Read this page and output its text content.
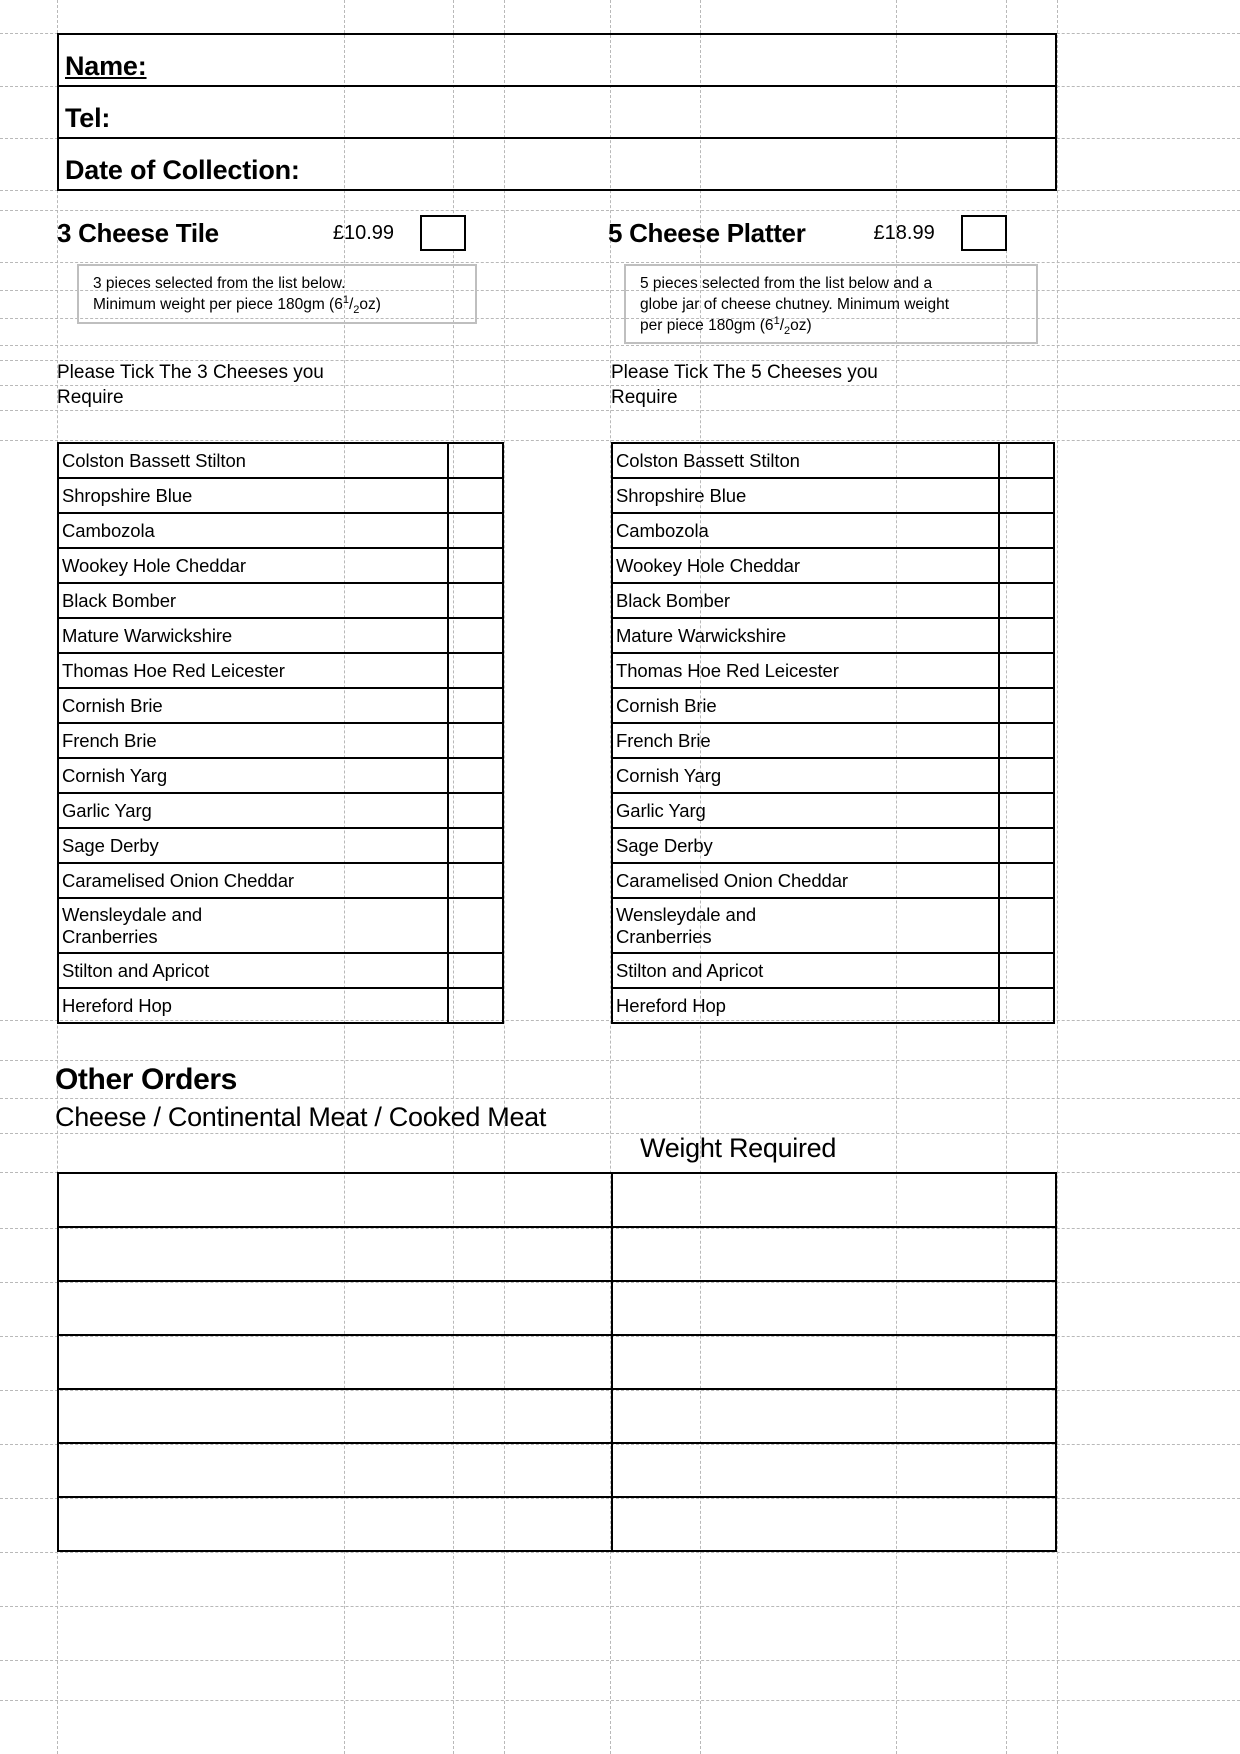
Name:
Tel:
Date of Collection:
3 Cheese Tile	£10.99
3 pieces selected from the list below.
Minimum weight per piece 180gm $(6^1/_2oz)$
Please Tick The 3 Cheeses you Require
5 Cheese Platter	£18.99
5 pieces selected from the list below and a
globe jar of cheese chutney. Minimum weight
per piece 180gm $(6^1/_2oz)$
Please Tick The 5 Cheeses you Require
Colston Bassett Stilton	

Shropshire Blue	

Cambozola	

Wookey Hole Cheddar	

Black Bomber	

Mature Warwickshire	

Thomas Hoe Red Leicester	

Cornish Brie	

French Brie	

Cornish Yarg	

Garlic Yarg	

Sage Derby	

Caramelised Onion Cheddar	

Wensleydale and
Cranberries	

Stilton and Apricot	

Hereford Hop	

Colston Bassett Stilton	

Shropshire Blue	

Cambozola	

Wookey Hole Cheddar	

Black Bomber	

Mature Warwickshire	

Thomas Hoe Red Leicester	

Cornish Brie	

French Brie	

Cornish Yarg	

Garlic Yarg	

Sage Derby	

Caramelised Onion Cheddar	

Wensleydale and
Cranberries	

Stilton and Apricot	

Hereford Hop	

Other Orders
Cheese / Continental Meat / Cooked Meat
Weight Required
